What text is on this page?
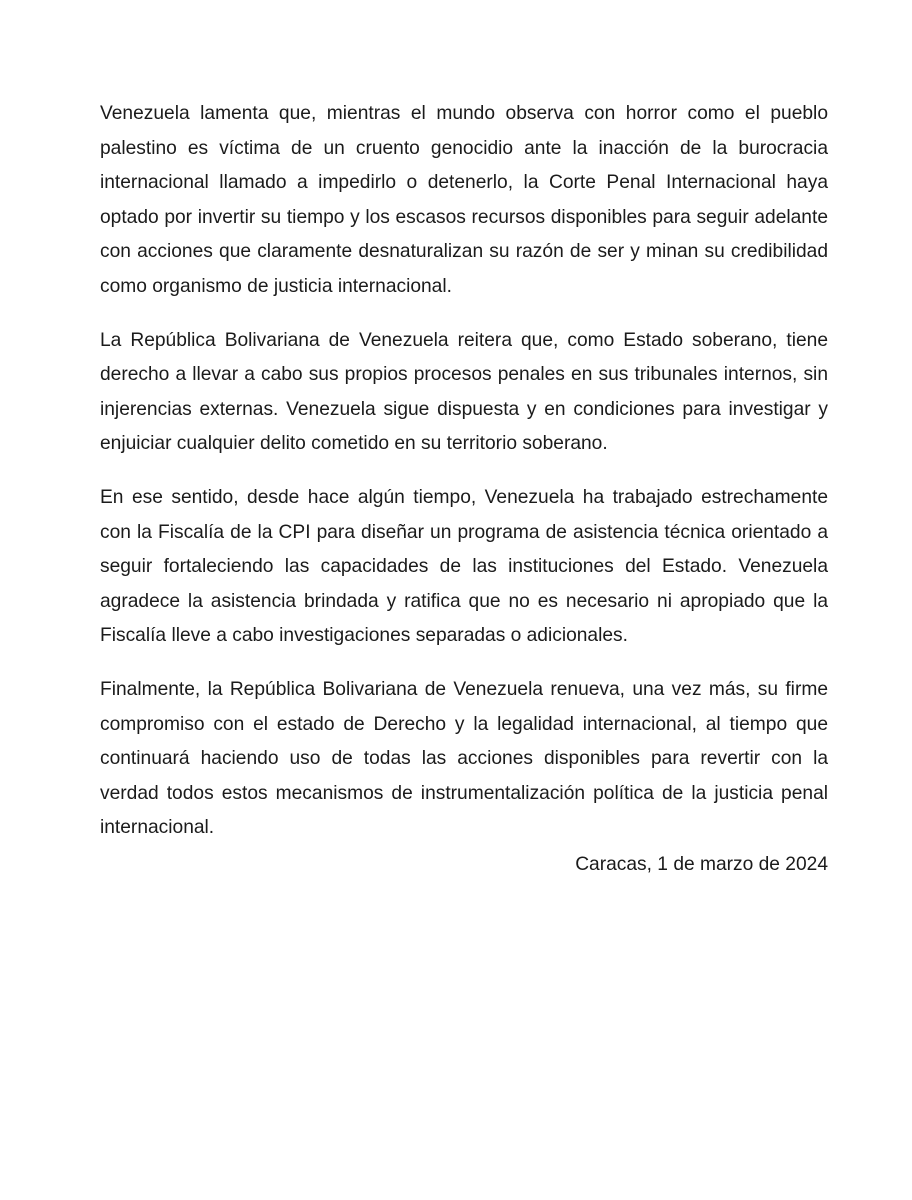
Venezuela lamenta que, mientras el mundo observa con horror como el pueblo palestino es víctima de un cruento genocidio ante la inacción de la burocracia internacional llamado a impedirlo o detenerlo, la Corte Penal Internacional haya optado por invertir su tiempo y los escasos recursos disponibles para seguir adelante con acciones que claramente desnaturalizan su razón de ser y minan su credibilidad como organismo de justicia internacional.

La República Bolivariana de Venezuela reitera que, como Estado soberano, tiene derecho a llevar a cabo sus propios procesos penales en sus tribunales internos, sin injerencias externas. Venezuela sigue dispuesta y en condiciones para investigar y enjuiciar cualquier delito cometido en su territorio soberano.

En ese sentido, desde hace algún tiempo, Venezuela ha trabajado estrechamente con la Fiscalía de la CPI para diseñar un programa de asistencia técnica orientado a seguir fortaleciendo las capacidades de las instituciones del Estado. Venezuela agradece la asistencia brindada y ratifica que no es necesario ni apropiado que la Fiscalía lleve a cabo investigaciones separadas o adicionales.

Finalmente, la República Bolivariana de Venezuela renueva, una vez más, su firme compromiso con el estado de Derecho y la legalidad internacional, al tiempo que continuará haciendo uso de todas las acciones disponibles para revertir con la verdad todos estos mecanismos de instrumentalización política de la justicia penal internacional.

Caracas, 1 de marzo de 2024
